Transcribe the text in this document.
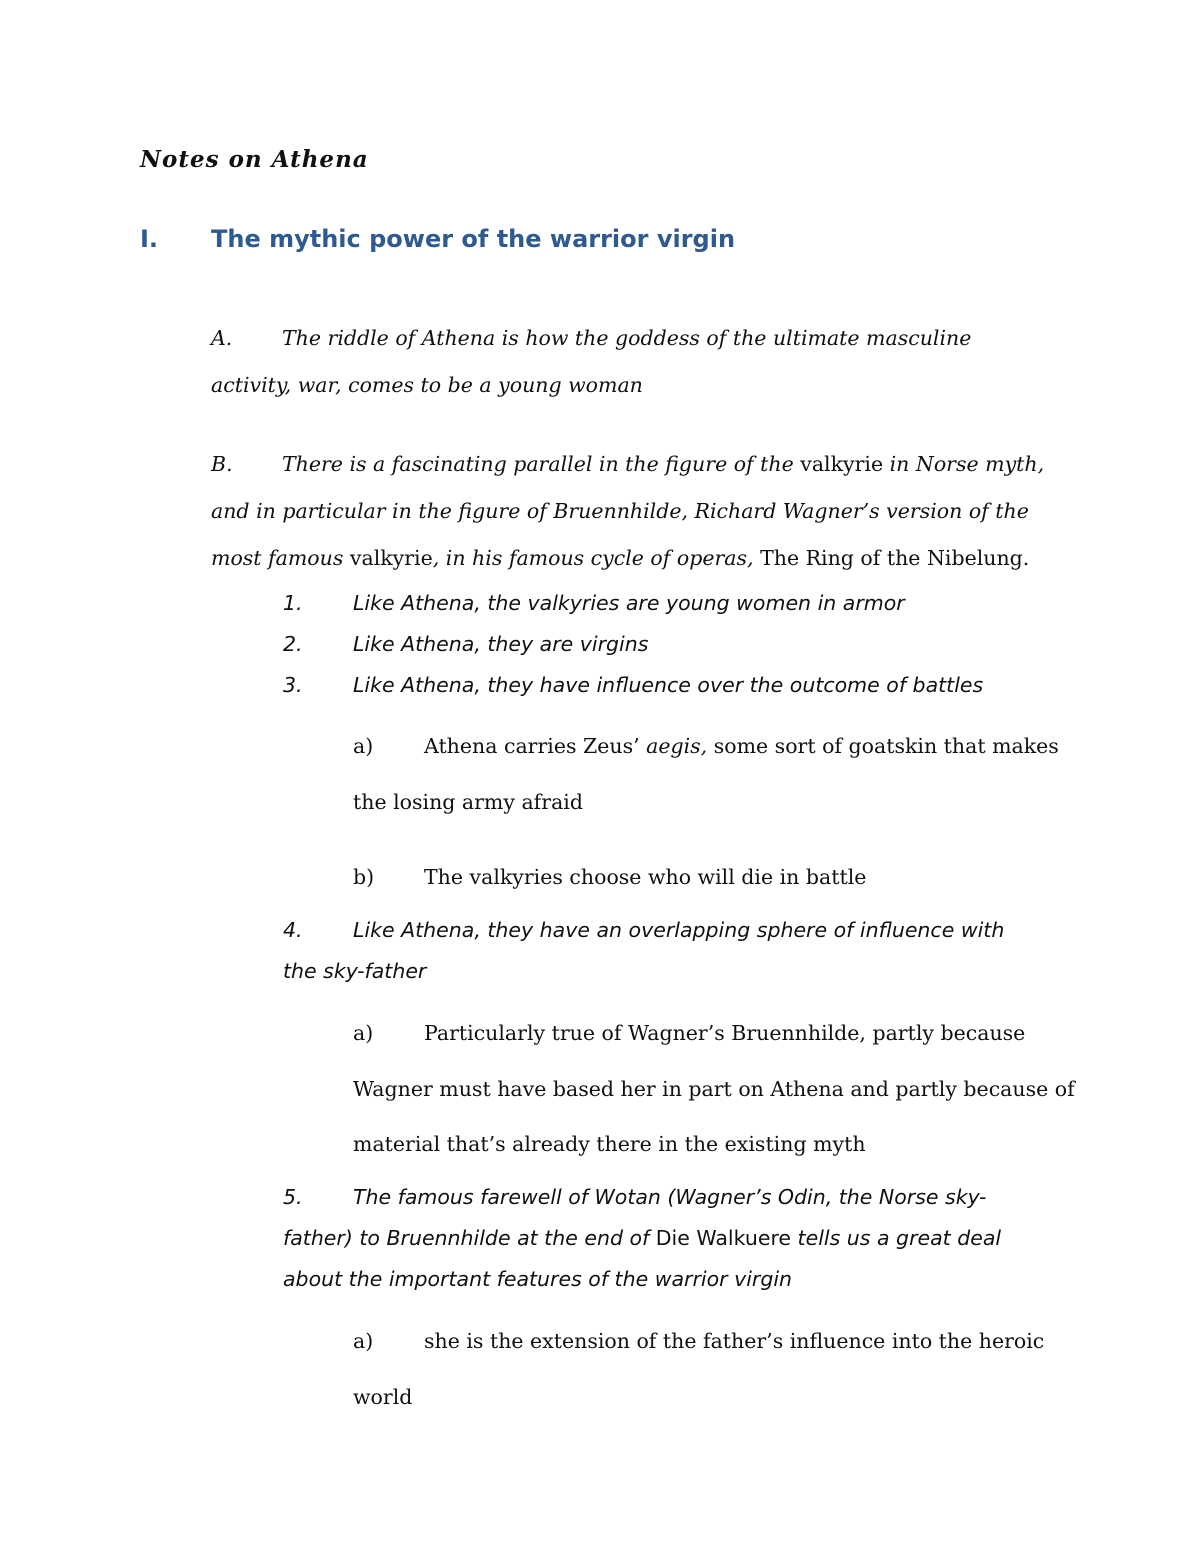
Notes on Athena
I. The mythic power of the warrior virgin
A. The riddle of Athena is how the goddess of the ultimate masculine
activity, war, comes to be a young woman
B. There is a fascinating parallel in the figure of the valkyrie in Norse myth,
and in particular in the figure of Bruennhilde, Richard Wagner’s version of the
most famous valkyrie, in his famous cycle of operas, The Ring of the Nibelung.
1. Like Athena, the valkyries are young women in armor
2. Like Athena, they are virgins
3. Like Athena, they have influence over the outcome of battles
a) Athena carries Zeus’ aegis, some sort of goatskin that makes
the losing army afraid
b) The valkyries choose who will die in battle
4. Like Athena, they have an overlapping sphere of influence with
the sky-father
a) Particularly true of Wagner’s Bruennhilde, partly because
Wagner must have based her in part on Athena and partly because of
material that’s already there in the existing myth
5. The famous farewell of Wotan (Wagner’s Odin, the Norse sky-
father) to Bruennhilde at the end of Die Walkuere tells us a great deal
about the important features of the warrior virgin
a) she is the extension of the father’s influence into the heroic
world
